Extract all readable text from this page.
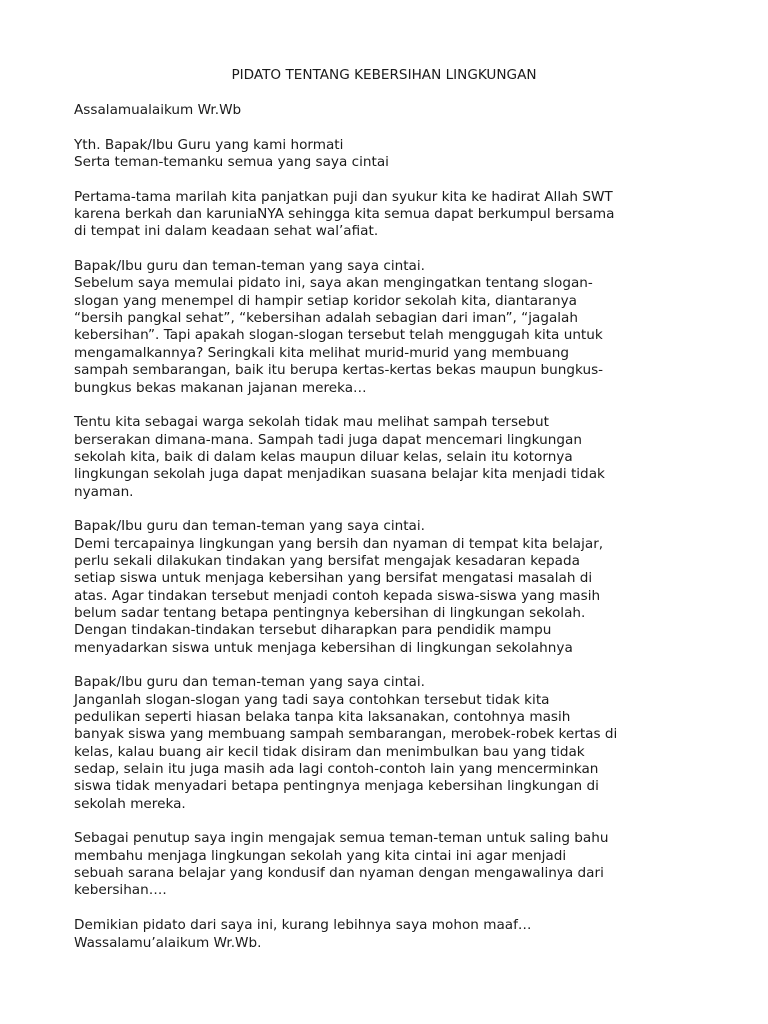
PIDATO TENTANG KEBERSIHAN LINGKUNGAN
Assalamualaikum Wr.Wb
Yth. Bapak/Ibu Guru yang kami hormati
Serta teman-temanku semua yang saya cintai
Pertama-tama marilah kita panjatkan puji dan syukur kita ke hadirat Allah SWT
karena berkah dan karuniaNYA sehingga kita semua dapat berkumpul bersama
di tempat ini dalam keadaan sehat wal’afiat.
Bapak/Ibu guru dan teman-teman yang saya cintai.
Sebelum saya memulai pidato ini, saya akan mengingatkan tentang slogan-
slogan yang menempel di hampir setiap koridor sekolah kita, diantaranya
“bersih pangkal sehat”, “kebersihan adalah sebagian dari iman”, “jagalah
kebersihan”. Tapi apakah slogan-slogan tersebut telah menggugah kita untuk
mengamalkannya? Seringkali kita melihat murid-murid yang membuang
sampah sembarangan, baik itu berupa kertas-kertas bekas maupun bungkus-
bungkus bekas makanan jajanan mereka…
Tentu kita sebagai warga sekolah tidak mau melihat sampah tersebut
berserakan dimana-mana. Sampah tadi juga dapat mencemari lingkungan
sekolah kita, baik di dalam kelas maupun diluar kelas, selain itu kotornya
lingkungan sekolah juga dapat menjadikan suasana belajar kita menjadi tidak
nyaman.
Bapak/Ibu guru dan teman-teman yang saya cintai.
Demi tercapainya lingkungan yang bersih dan nyaman di tempat kita belajar,
perlu sekali dilakukan tindakan yang bersifat mengajak kesadaran kepada
setiap siswa untuk menjaga kebersihan yang bersifat mengatasi masalah di
atas. Agar tindakan tersebut menjadi contoh kepada siswa-siswa yang masih
belum sadar tentang betapa pentingnya kebersihan di lingkungan sekolah.
Dengan tindakan-tindakan tersebut diharapkan para pendidik mampu
menyadarkan siswa untuk menjaga kebersihan di lingkungan sekolahnya
Bapak/Ibu guru dan teman-teman yang saya cintai.
Janganlah slogan-slogan yang tadi saya contohkan tersebut tidak kita
pedulikan seperti hiasan belaka tanpa kita laksanakan, contohnya masih
banyak siswa yang membuang sampah sembarangan, merobek-robek kertas di
kelas, kalau buang air kecil tidak disiram dan menimbulkan bau yang tidak
sedap, selain itu juga masih ada lagi contoh-contoh lain yang mencerminkan
siswa tidak menyadari betapa pentingnya menjaga kebersihan lingkungan di
sekolah mereka.
Sebagai penutup saya ingin mengajak semua teman-teman untuk saling bahu
membahu menjaga lingkungan sekolah yang kita cintai ini agar menjadi
sebuah sarana belajar yang kondusif dan nyaman dengan mengawalinya dari
kebersihan….
Demikian pidato dari saya ini, kurang lebihnya saya mohon maaf…
Wassalamu’alaikum Wr.Wb.
